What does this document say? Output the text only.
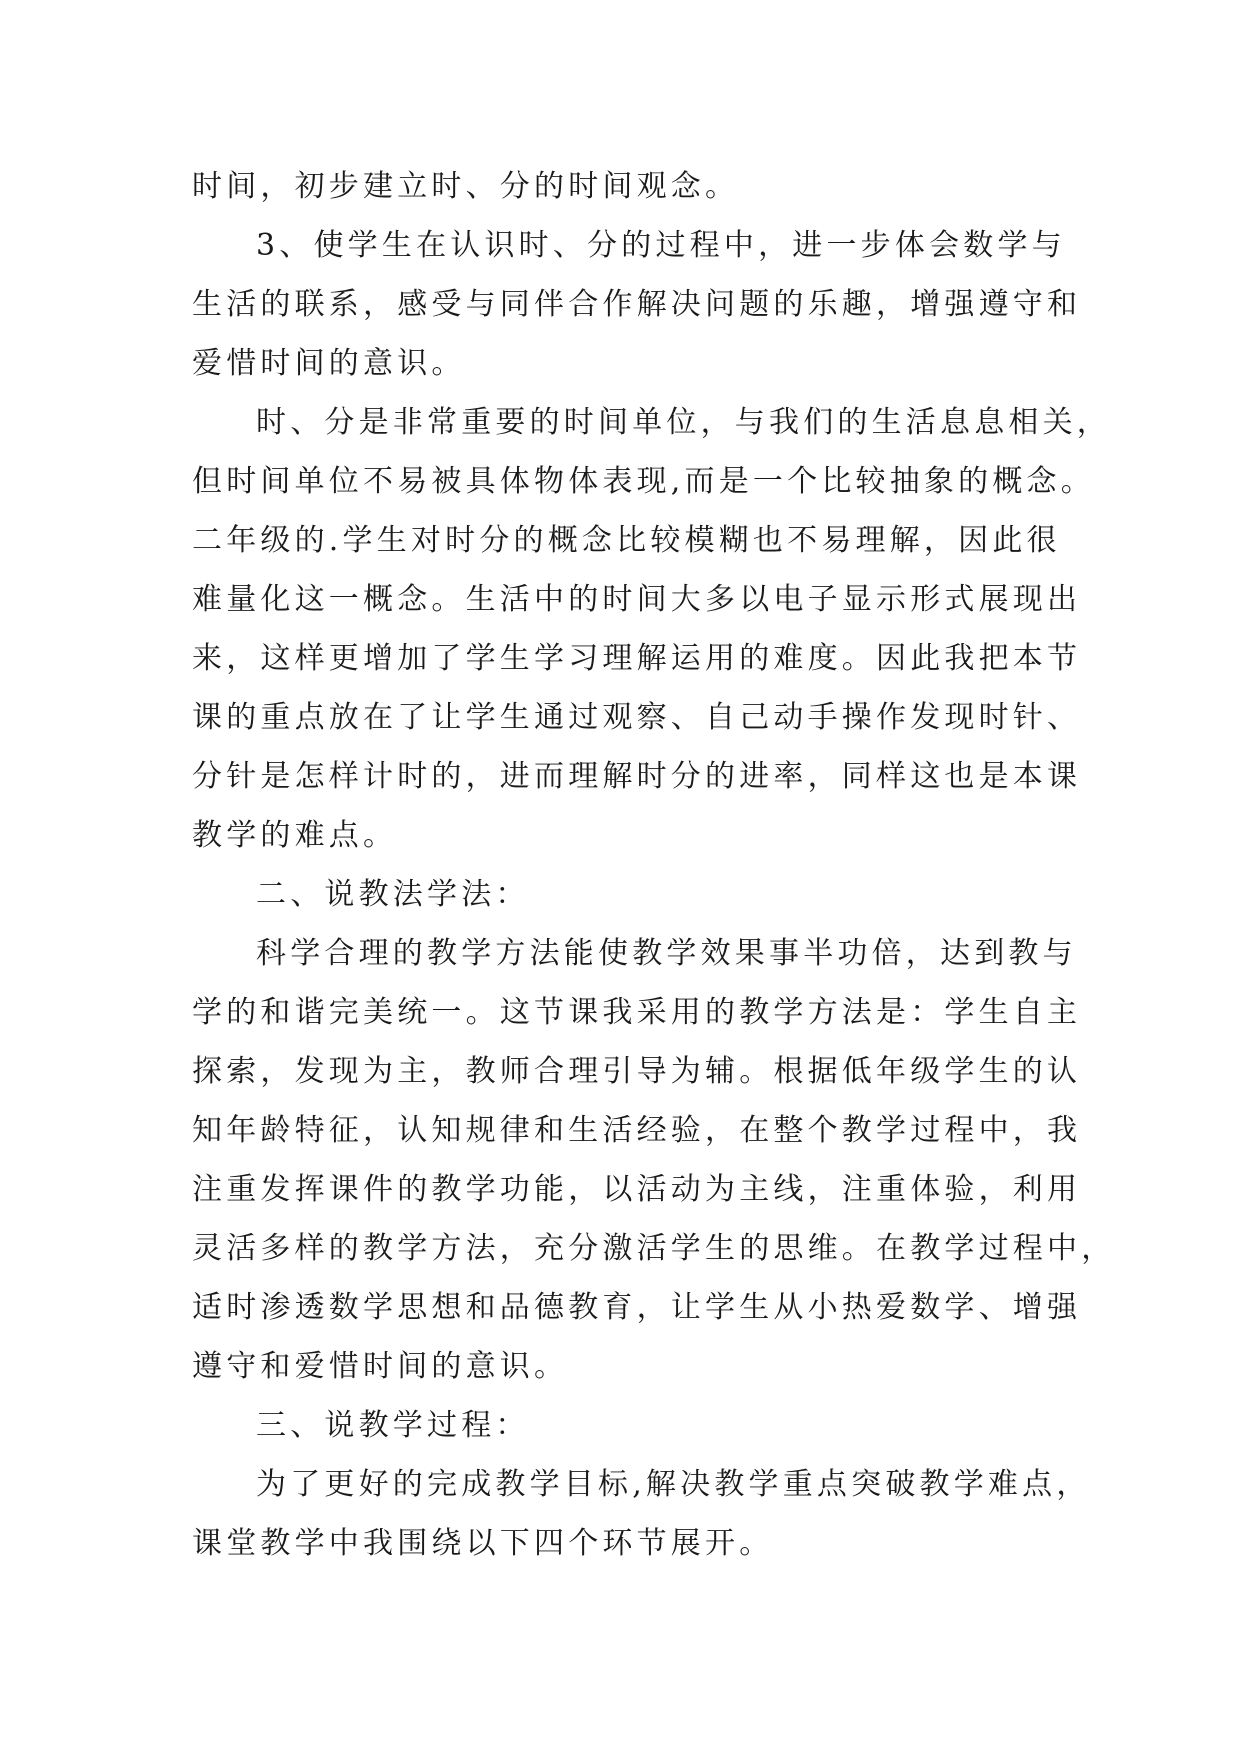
时间，初步建立时、分的时间观念。
3、使学生在认识时、分的过程中，进一步体会数学与
生活的联系，感受与同伴合作解决问题的乐趣，增强遵守和
爱惜时间的意识。
时、分是非常重要的时间单位，与我们的生活息息相关，
但时间单位不易被具体物体表现,而是一个比较抽象的概念。
二年级的.学生对时分的概念比较模糊也不易理解，因此很
难量化这一概念。生活中的时间大多以电子显示形式展现出
来，这样更增加了学生学习理解运用的难度。因此我把本节
课的重点放在了让学生通过观察、自己动手操作发现时针、
分针是怎样计时的，进而理解时分的进率，同样这也是本课
教学的难点。
二、说教法学法：
科学合理的教学方法能使教学效果事半功倍，达到教与
学的和谐完美统一。这节课我采用的教学方法是：学生自主
探索，发现为主，教师合理引导为辅。根据低年级学生的认
知年龄特征，认知规律和生活经验，在整个教学过程中，我
注重发挥课件的教学功能，以活动为主线，注重体验，利用
灵活多样的教学方法，充分激活学生的思维。在教学过程中，
适时渗透数学思想和品德教育，让学生从小热爱数学、增强
遵守和爱惜时间的意识。
三、说教学过程：
为了更好的完成教学目标,解决教学重点突破教学难点，
课堂教学中我围绕以下四个环节展开。
